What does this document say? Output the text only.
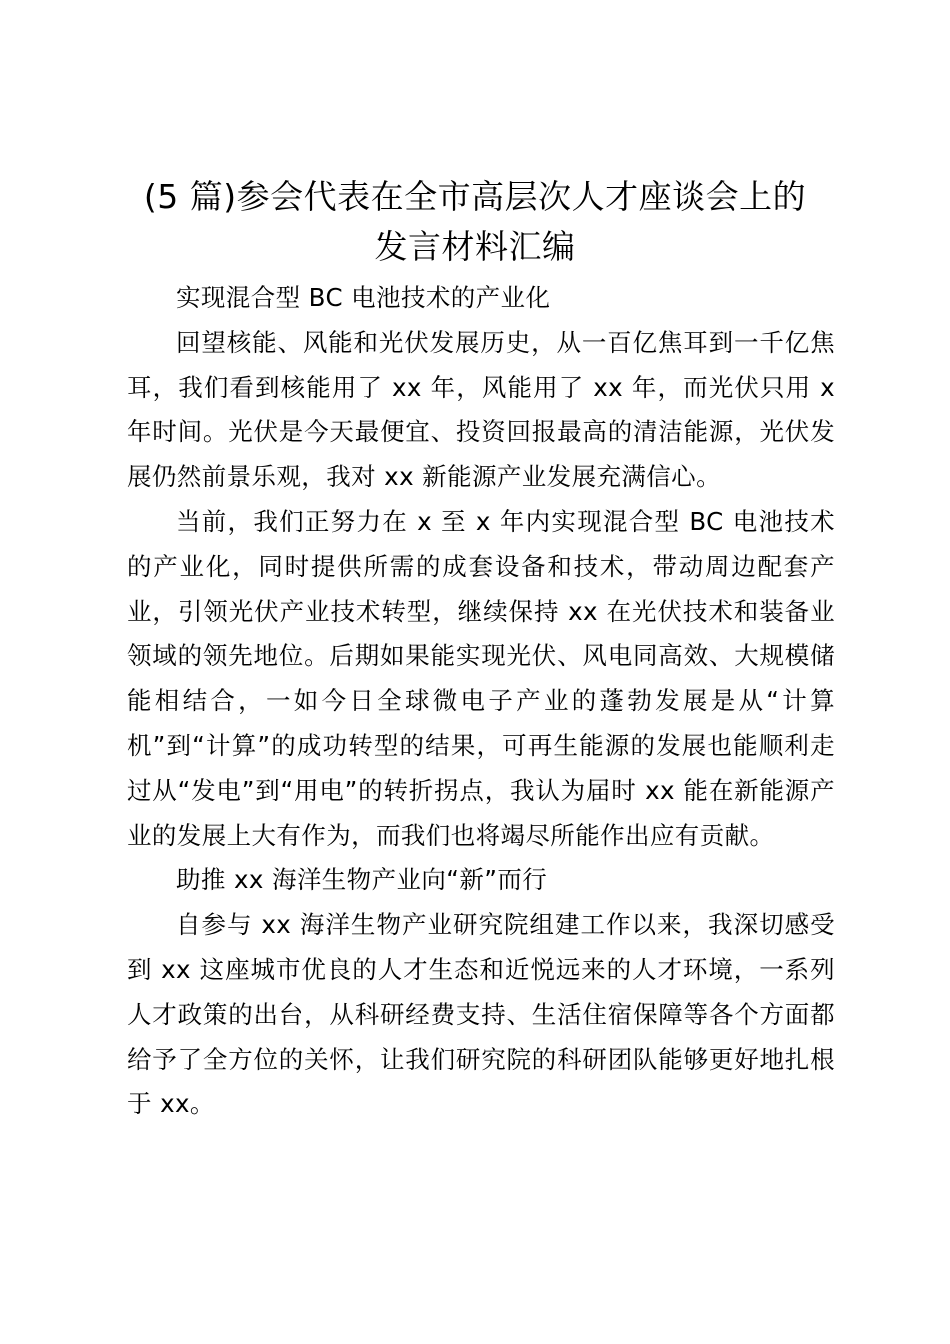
(5 篇)参会代表在全市高层次人才座谈会上的
发言材料汇编

实现混合型 BC 电池技术的产业化

回望核能、风能和光伏发展历史，从一百亿焦耳到一千亿焦耳，我们看到核能用了 xx 年，风能用了 xx 年，而光伏只用 x 年时间。光伏是今天最便宜、投资回报最高的清洁能源，光伏发展仍然前景乐观，我对 xx 新能源产业发展充满信心。

当前，我们正努力在 x 至 x 年内实现混合型 BC 电池技术的产业化，同时提供所需的成套设备和技术，带动周边配套产业，引领光伏产业技术转型，继续保持 xx 在光伏技术和装备业领域的领先地位。后期如果能实现光伏、风电同高效、大规模储能相结合，一如今日全球微电子产业的蓬勃发展是从“计算机”到“计算”的成功转型的结果，可再生能源的发展也能顺利走过从“发电”到“用电”的转折拐点，我认为届时 xx 能在新能源产业的发展上大有作为，而我们也将竭尽所能作出应有贡献。

助推 xx 海洋生物产业向“新”而行

自参与 xx 海洋生物产业研究院组建工作以来，我深切感受到 xx 这座城市优良的人才生态和近悦远来的人才环境，一系列人才政策的出台，从科研经费支持、生活住宿保障等各个方面都给予了全方位的关怀，让我们研究院的科研团队能够更好地扎根于 xx。
